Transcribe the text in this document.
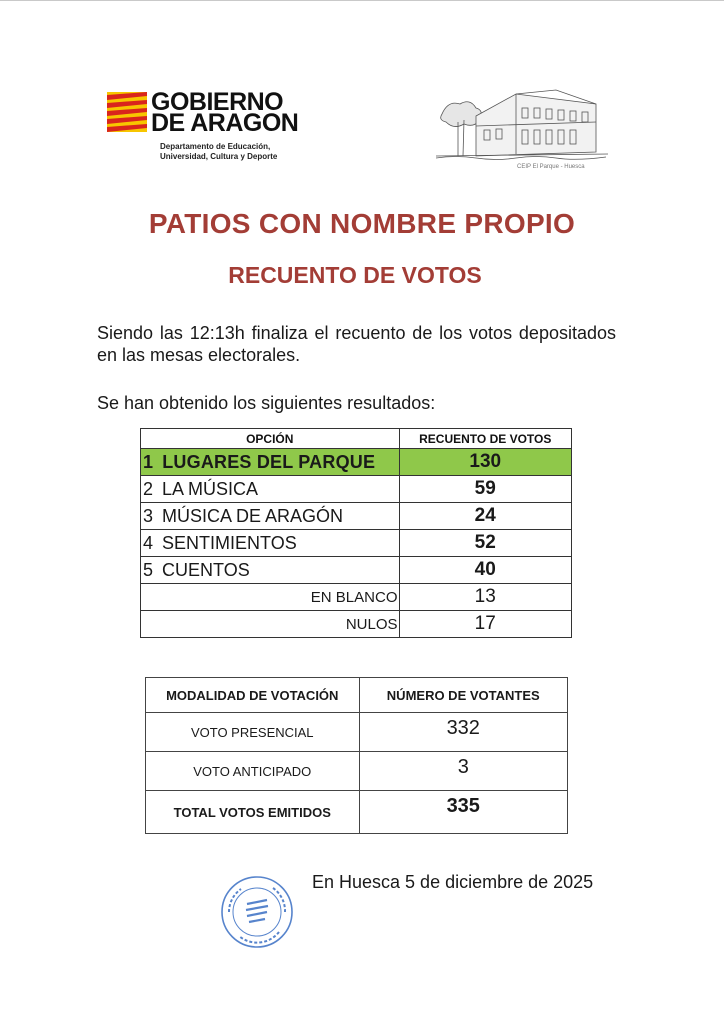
GOBIERNO
DE ARAGON
Departamento de Educación,
Universidad, Cultura y Deporte
CEIP El Parque - Huesca
PATIOS CON NOMBRE PROPIO
RECUENTO DE VOTOS
Siendo las 12:13h finaliza el recuento de los votos depositados en las mesas electorales.
Se han obtenido los siguientes resultados:
OPCIÓN	RECUENTO DE VOTOS
1 LUGARES DEL PARQUE	130
2 LA MÚSICA	59
3 MÚSICA DE ARAGÓN	24
4 SENTIMIENTOS	52
5 CUENTOS	40
EN BLANCO	13
NULOS	17
MODALIDAD DE VOTACIÓN	NÚMERO DE VOTANTES
VOTO PRESENCIAL	332
VOTO ANTICIPADO	3
TOTAL VOTOS EMITIDOS	335
En Huesca 5 de diciembre de 2025
